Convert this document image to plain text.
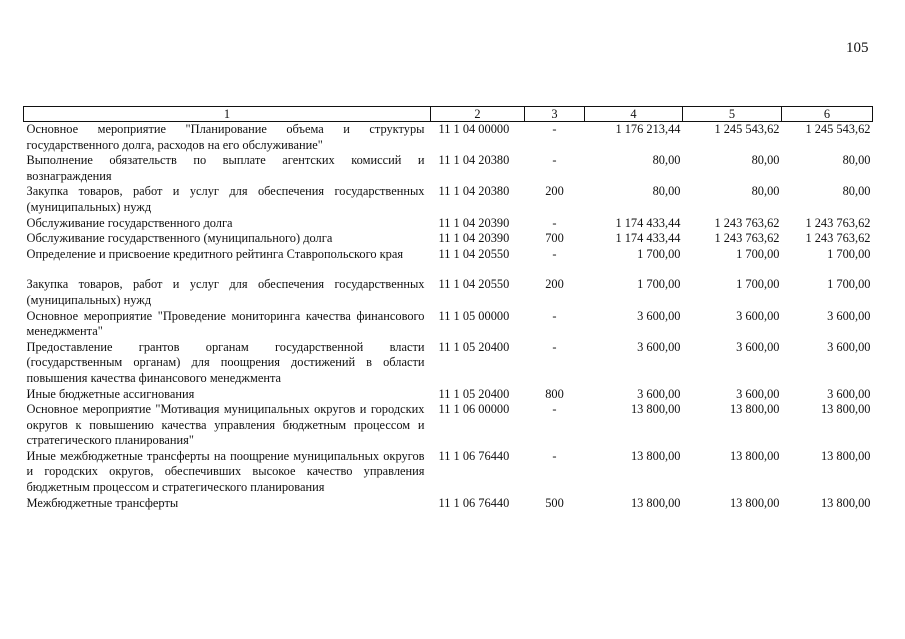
105
1	2	3	4	5	6
Основное мероприятие "Планирование объема и структуры государственного долга, расходов на его обслуживание"	11 1 04 00000	-	1 176 213,44	1 245 543,62	1 245 543,62
Выполнение обязательств по выплате агентских комиссий и вознаграждения	11 1 04 20380	-	80,00	80,00	80,00
Закупка товаров, работ и услуг для обеспечения государственных (муниципальных) нужд	11 1 04 20380	200	80,00	80,00	80,00
Обслуживание государственного долга	11 1 04 20390	-	1 174 433,44	1 243 763,62	1 243 763,62
Обслуживание государственного (муниципального) долга	11 1 04 20390	700	1 174 433,44	1 243 763,62	1 243 763,62
Определение и присвоение кредитного рейтинга Ставропольского края	11 1 04 20550	-	1 700,00	1 700,00	1 700,00

Закупка товаров, работ и услуг для обеспечения государственных (муниципальных) нужд	11 1 04 20550	200	1 700,00	1 700,00	1 700,00
Основное мероприятие "Проведение мониторинга качества финансового менеджмента"	11 1 05 00000	-	3 600,00	3 600,00	3 600,00
Предоставление грантов органам государственной власти (государственным органам) для поощрения достижений в области повышения качества финансового менеджмента	11 1 05 20400	-	3 600,00	3 600,00	3 600,00
Иные бюджетные ассигнования	11 1 05 20400	800	3 600,00	3 600,00	3 600,00
Основное мероприятие "Мотивация муниципальных округов и городских округов к повышению качества управления бюджетным процессом и стратегического планирования"	11 1 06 00000	-	13 800,00	13 800,00	13 800,00
Иные межбюджетные трансферты на поощрение муниципальных округов и городских округов, обеспечивших высокое качество управления бюджетным процессом и стратегического планирования	11 1 06 76440	-	13 800,00	13 800,00	13 800,00
Межбюджетные трансферты	11 1 06 76440	500	13 800,00	13 800,00	13 800,00
